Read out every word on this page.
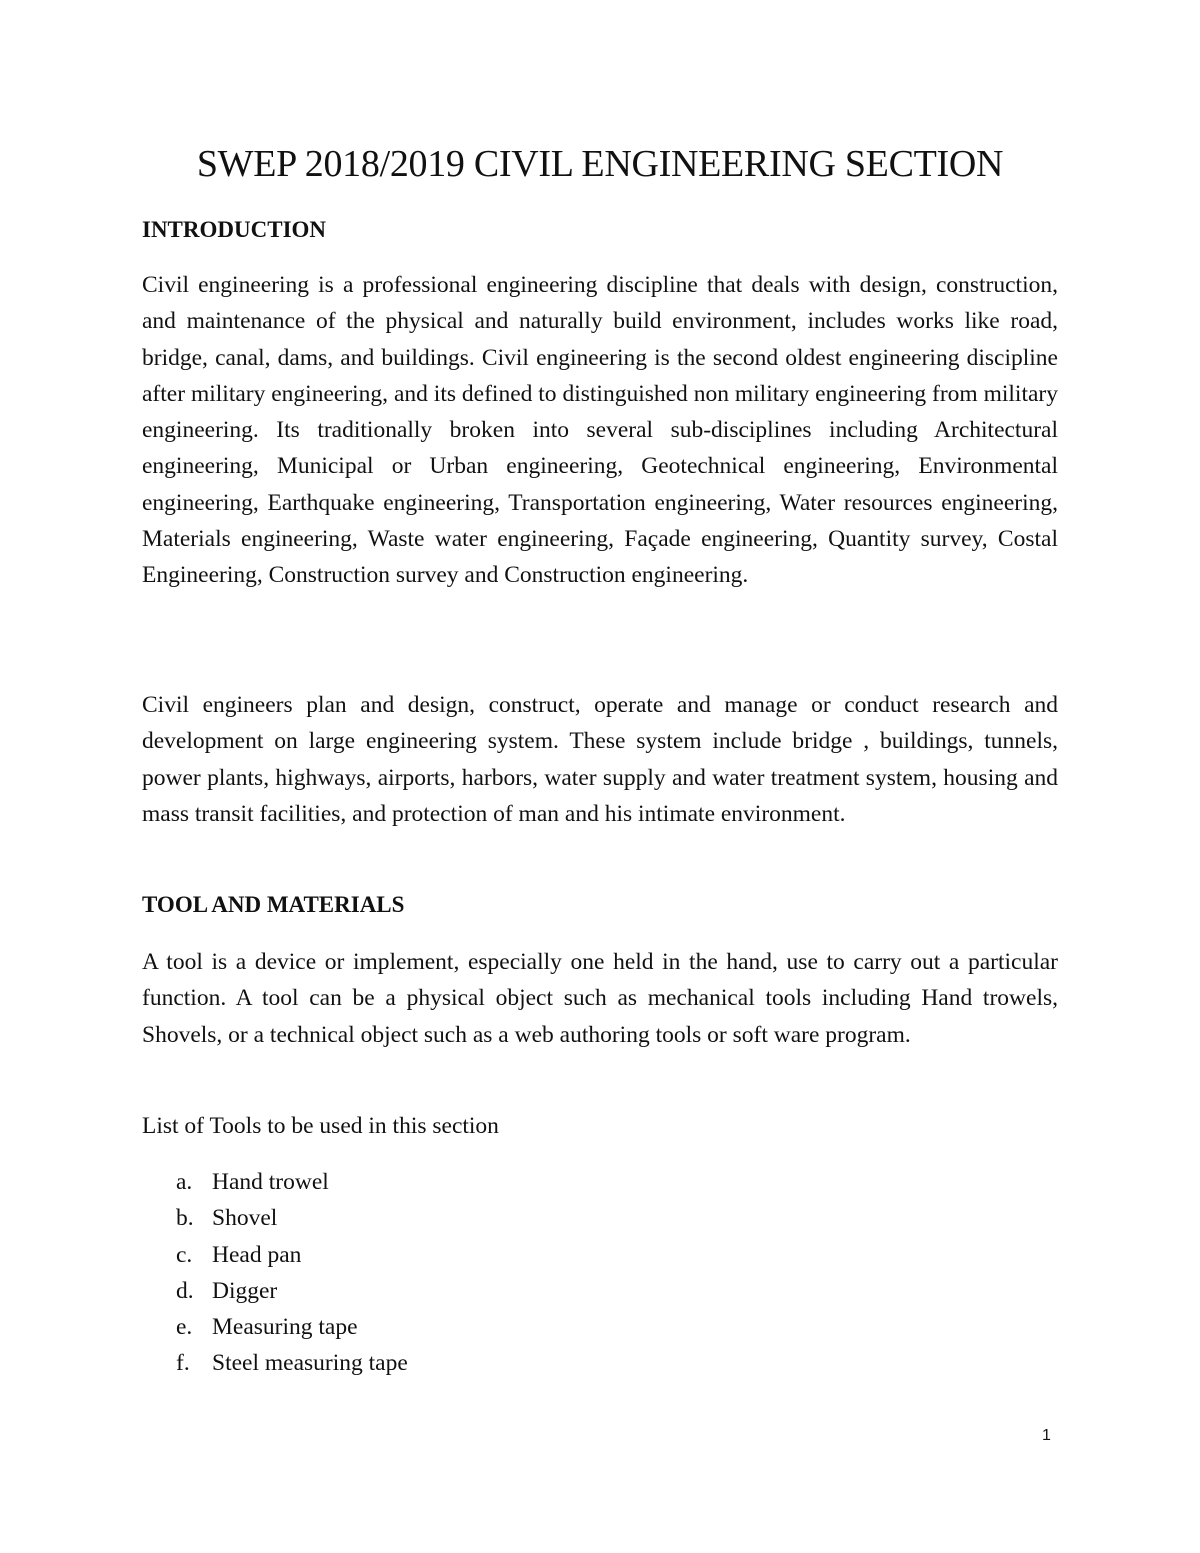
SWEP 2018/2019 CIVIL ENGINEERING SECTION
INTRODUCTION

Civil engineering is a professional engineering discipline that deals with design, construction, and maintenance of the physical and naturally build environment, includes works like road, bridge, canal, dams, and buildings. Civil engineering is the second oldest engineering discipline after military engineering, and its defined to distinguished non military engineering from military engineering. Its traditionally broken into several sub-disciplines including Architectural engineering, Municipal or Urban engineering, Geotechnical engineering, Environmental engineering, Earthquake engineering, Transportation engineering, Water resources engineering, Materials engineering, Waste water engineering, Façade engineering, Quantity survey, Costal Engineering, Construction survey and Construction engineering.

Civil engineers plan and design, construct, operate and manage or conduct research and development on large engineering system. These system include bridge , buildings, tunnels, power plants, highways, airports, harbors, water supply and water treatment system, housing and mass transit facilities, and protection of man and his intimate environment.

TOOL AND MATERIALS

A tool is a device or implement, especially one held in the hand, use to carry out a particular function. A tool can be a physical object such as mechanical tools including Hand trowels, Shovels, or a technical object such as a web authoring tools or soft ware program.

List of Tools to be used in this section

a. Hand trowel
b. Shovel
c. Head pan
d. Digger
e. Measuring tape
f. Steel measuring tape
1
